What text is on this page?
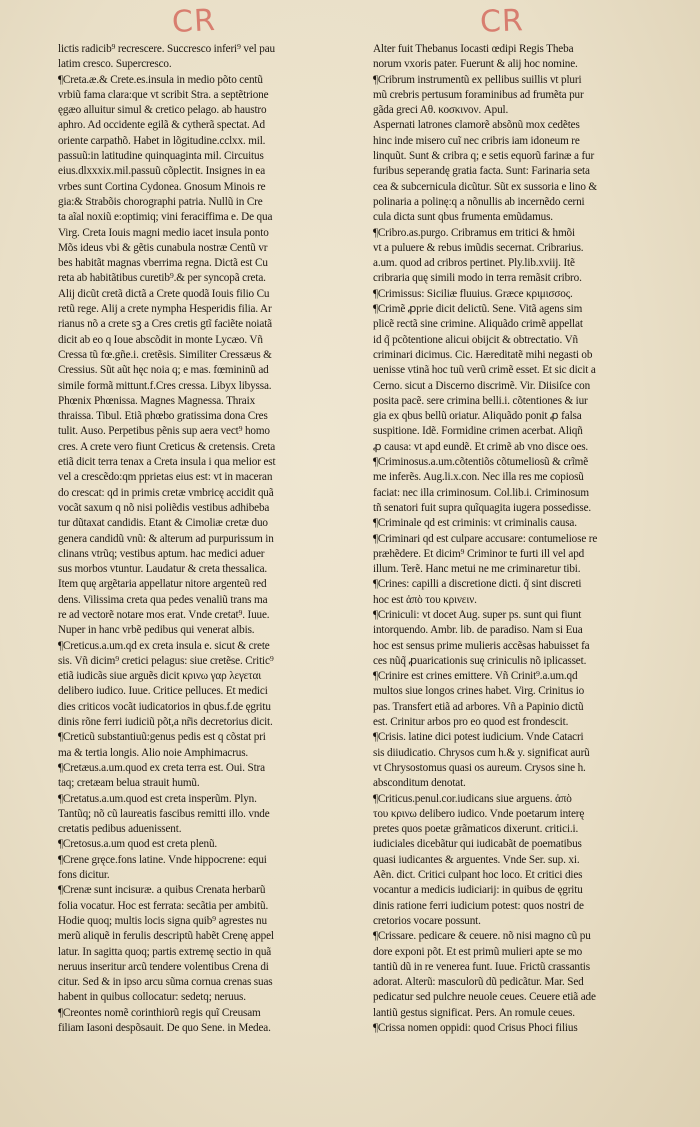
CR	CR
lictis radicib⁹ recrescere. Succresco inferi⁹ vel pau
latim cresco. Supercresco.
¶Creta.æ.& Crete.es.insula in medio põto centũ
vrbiũ fama clara:que vt scribit Stra. a septẽtrione
ęgæo alluitur simul & cretico pelago. ab haustro
aphro. Ad occidente egilã & cytherã spectat. Ad
oriente carpathõ. Habet in lõgitudine.cclxx. mil.
passuũ:in latitudine quinquaginta mil. Circuitus
eius.dlxxxix.mil.passuũ cõplectit. Insignes in ea
vrbes sunt Cortina Cydonea. Gnosum Minois re
gia:& Strabõis chorographi patria. Nullũ in Cre
ta aĩal noxiũ e:optimiq; vini feraciffima e. De qua
Virg. Creta Iouis magni medio iacet insula ponto
Mõs ideus vbi & gẽtis cunabula nostræ Centũ vr
bes habitãt magnas vberrima regna. Dictã est Cu
reta ab habitãtibus curetib⁹.& per syncopã creta.
Alij dicũt cretã dictã a Crete quodã Iouis filio Cu
retũ rege. Alij a crete nympha Hesperidis filia. Ar
rianus nõ a crete sꝫ a Cres cretis gtĩ faciẽte noiatã
dicit ab eo q Ioue abscõdit in monte Lycæo. Vñ
Cressa tũ fœ.gñe.i. cretẽsis. Similiter Cressæus &
Cressius. Sũt aũt hęc noia q; e mas. fœmininũ ad
simile formã mittunt.f.Cres cressa. Libyx libyssa.
Phœnix Phœnissa. Magnes Magnessa. Thraix
thraissa. Tibul. Etiã phœbo gratissima dona Cres
tulit. Auso. Perpetibus pẽnis sup aera vect⁹ homo
cres. A crete vero fiunt Creticus & cretensis. Creta
etiã dicit terra tenax a Creta insula i qua melior est
vel a crescẽdo:qm pprietas eius est: vt in maceran
do crescat: qd in primis cretæ vmbricę accidit quã
vocãt saxum q nõ nisi poliẽdis vestibus adhibeba
tur dũtaxat candidis. Etant & Cimoliæ cretæ duo
genera candidũ vnũ: & alterum ad purpurissum in
clinans vtrũq; vestibus aptum. hac medici aduer
sus morbos vtuntur. Laudatur & creta thessalica.
Item quę argẽtaria appellatur nitore argenteũ red
dens. Vilissima creta qua pedes venaliũ trans ma
re ad vectorẽ notare mos erat. Vnde cretat⁹. Iuue.
Nuper in hanc vrbẽ pedibus qui venerat albis.
¶Creticus.a.um.qd ex creta insula e. sicut & crete
sis. Vñ dicim⁹ cretici pelagus: siue cretẽse. Critic⁹
etiã iudicãs siue arguẽs dicit κρινω γαρ λεγεται
delibero iudico. Iuue. Critice pelluces. Et medici
dies criticos vocãt iudicatorios in qbus.f.de ęgritu
dinis rõne ferri iudiciũ põt,a nr̃is decretorius dicit.
¶Creticũ substantiuũ:genus pedis est q cõstat pri
ma & tertia longis. Alio noie Amphimacrus.
¶Cretæus.a.um.quod ex creta terra est. Oui. Stra
taq; cretæam belua strauit humũ.
¶Cretatus.a.um.quod est creta insperũm. Plyn.
Tantũq; nõ cũ laureatis fascibus remitti illo. vnde
cretatis pedibus aduenissent.
¶Cretosus.a.um quod est creta plenũ.
¶Crene gręce.fons latine. Vnde hippocrene: equi
fons dicitur.
¶Crenæ sunt incisuræ. a quibus Crenata herbarũ
folia vocatur. Hoc est ferrata: secãtia per ambitũ.
Hodie quoq; multis locis signa quib⁹ agrestes nu
merũ aliquẽ in ferulis descriptũ habẽt Crenę appel
latur. In sagitta quoq; partis extremę sectio in quã
neruus inseritur arcũ tendere volentibus Crena di
citur. Sed & in ipso arcu sũma cornua crenas suas
habent in quibus collocatur: sedetq; neruus.
¶Creontes nomẽ corinthiorũ regis quĩ Creusam
filiam Iasoni despõsauit. De quo Sene. in Medea.
Alter fuit Thebanus Iocasti œdipi Regis Theba
norum vxoris pater. Fuerunt & alij hoc nomine.
¶Cribrum instrumentũ ex pellibus suillis vt pluri
mũ crebris pertusum foraminibus ad frumẽta pur
gãda greci Aθ. κοσκινον. Apul.
Aspernati latrones clamorẽ absõnũ mox cedẽtes
hinc inde misero cuĩ nec cribris iam idoneum re
linquũt. Sunt & cribra q; e setis equorũ farinæ a fur
furibus seperandę gratia facta. Sunt: Farinaria seta
cea & subcernicula dicũtur. Sũt ex sussoria e lino &
polinaria a polinę:q a nõnullis ab incernẽdo cerni
cula dicta sunt qbus frumenta emũdamus.
¶Cribro.as.purgo. Cribramus em tritici & hmõi
vt a puluere & rebus imũdis secernat. Cribrarius.
a.um. quod ad cribros pertinet. Ply.lib.xviij. Itẽ
cribraria quę simili modo in terra remãsit cribro.
¶Crimissus: Siciliæ fluuius. Græce κριμισσος.
¶Crimẽ ꝓprie dicit delictũ. Sene. Vitã agens sim
plicẽ rectã sine crimine. Aliquãdo crimẽ appellat
id q̃ pcõtentione alicui obijcit & obtrectatio. Vñ
criminari dicimus. Cic. Hæreditatẽ mihi negasti ob
uenisse vtinã hoc tuũ verũ crimẽ esset. Et sic dicit a
Cerno. sicut a Discerno discrimẽ. Vir. Diisiſce con
posita pacẽ. sere crimina belli.i. cõtentiones & iur
gia ex qbus bellũ oriatur. Aliquãdo ponit ꝓ falsa
suspitione. Idẽ. Formidine crimen acerbat. Aliqñ
ꝓ causa: vt apd eundẽ. Et crimẽ ab vno disce oes.
¶Criminosus.a.um.cõtentiõs cõtumeliosũ & crĩmẽ
me inferẽs. Aug.li.x.con. Nec illa res me copiosũ
faciat: nec illa criminosum. Col.lib.i. Criminosum
tñ senatori fuit supra quĩquagita iugera possedisse.
¶Criminale qd est criminis: vt criminalis causa.
¶Criminari qd est culpare accusare: contumeliose re
præhẽdere. Et dicim⁹ Criminor te furti ill vel apd
illum. Terẽ. Hanc metui ne me criminaretur tibi.
¶Crines: capilli a discretione dicti. q̃ sint discreti
hoc est ἀπὸ του κρινειν.
¶Criniculi: vt docet Aug. super ps. sunt qui fiunt
intorquendo. Ambr. lib. de paradiso. Nam si Eua
hoc est sensus prime mulieris accẽsas habuisset fa
ces nũq̃ ꝓuaricationis suę criniculis nõ iplicasset.
¶Crinire est crines emittere. Vñ Crinit⁹.a.um.qd
multos siue longos crines habet. Virg. Crinitus io
pas. Transfert etiã ad arbores. Vñ a Papinio dictũ
est. Crinitur arbos pro eo quod est frondescit.
¶Crisis. latine dici potest iudicium. Vnde Catacri
sis diiudicatio. Chrysos cum h.& y. significat aurũ
vt Chrysostomus quasi os aureum. Crysos sine h.
absconditum denotat.
¶Criticus.penul.cor.iudicans siue arguens. ἀπὸ
του κρινω delibero iudico. Vnde poetarum interę
pretes quos poetæ grãmaticos dixerunt. critici.i.
iudiciales dicebãtur qui iudicabãt de poematibus
quasi iudicantes & arguentes. Vnde Ser. sup. xi.
Aẽn. dict. Critici culpant hoc loco. Et critici dies
vocantur a medicis iudiciarij: in quibus de ęgritu
dinis ratione ferri iudicium potest: quos nostri de
cretorios vocare possunt.
¶Crissare. pedicare & ceuere. nõ nisi magno cũ pu
dore exponi põt. Et est primũ mulieri apte se mo
tantiũ dũ in re venerea funt. Iuue. Frictũ crassantis
adorat. Alterũ: masculorũ dũ pedicãtur. Mar. Sed
pedicatur sed pulchre neuole ceues. Ceuere etiã ade
lantiũ gestus significat. Pers. An romule ceues.
¶Crissa nomen oppidi: quod Crisus Phoci filius
